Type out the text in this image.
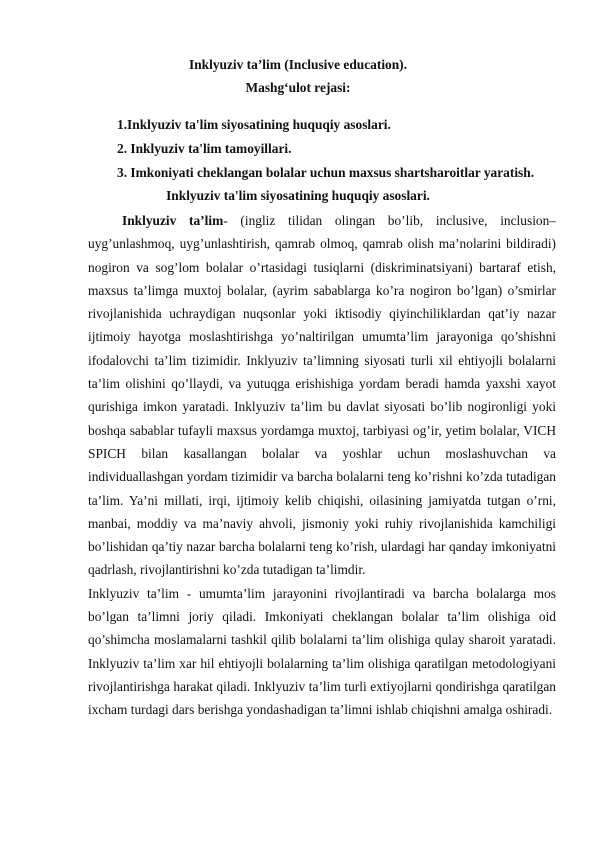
Inklyuziv ta’lim (Inclusive education).
Mashg‘ulot rejasi:
1.Inklyuziv ta'lim siyosatining huquqiy asoslari.
2. Inklyuziv ta'lim tamoyillari.
3. Imkoniyati cheklangan bolalar uchun maxsus shartsharoitlar yaratish.
Inklyuziv ta'lim siyosatining huquqiy asoslari.

Inklyuziv ta’lim- (ingliz tilidan olingan bo’lib, inclusive, inclusion–uyg’unlashmoq, uyg’unlashtirish, qamrab olmoq, qamrab olish ma’nolarini bildiradi) nogiron va sog’lom bolalar o’rtasidagi tusiqlarni (diskriminatsiyani) bartaraf etish, maxsus ta’limga muxtoj bolalar, (ayrim sabablarga ko’ra nogiron bo’lgan) o’smirlar rivojlanishida uchraydigan nuqsonlar yoki iktisodiy qiyinchiliklardan qat’iy nazar ijtimoiy hayotga moslashtirishga yo’naltirilgan umumta’lim jarayoniga qo’shishni ifodalovchi ta’lim tizimidir. Inklyuziv ta’limning siyosati turli xil ehtiyojli bolalarni ta’lim olishini qo’llaydi, va yutuqga erishishiga yordam beradi hamda yaxshi xayot qurishiga imkon yaratadi. Inklyuziv ta’lim bu davlat siyosati bo’lib nogironligi yoki boshqa sabablar tufayli maxsus yordamga muxtoj, tarbiyasi og’ir, yetim bolalar, VICH SPICH bilan kasallangan bolalar va yoshlar uchun moslashuvchan va individuallashgan yordam tizimidir va barcha bolalarni teng ko’rishni ko’zda tutadigan ta’lim. Ya’ni millati, irqi, ijtimoiy kelib chiqishi, oilasining jamiyatda tutgan o’rni, manbai, moddiy va ma’naviy ahvoli, jismoniy yoki ruhiy rivojlanishida kamchiligi bo’lishidan qa’tiy nazar barcha bolalarni teng ko’rish, ulardagi har qanday imkoniyatni qadrlash, rivojlantirishni ko’zda tutadigan ta’limdir.

Inklyuziv ta’lim - umumta’lim jarayonini rivojlantiradi va barcha bolalarga mos bo’lgan ta’limni joriy qiladi. Imkoniyati cheklangan bolalar ta’lim olishiga oid qo’shimcha moslamalarni tashkil qilib bolalarni ta’lim olishiga qulay sharoit yaratadi. Inklyuziv ta’lim xar hil ehtiyojli bolalarning ta’lim olishiga qaratilgan metodologiyani rivojlantirishga harakat qiladi. Inklyuziv ta’lim turli extiyojlarni qondirishga qaratilgan ixcham turdagi dars berishga yondashadigan ta’limni ishlab chiqishni amalga oshiradi.
